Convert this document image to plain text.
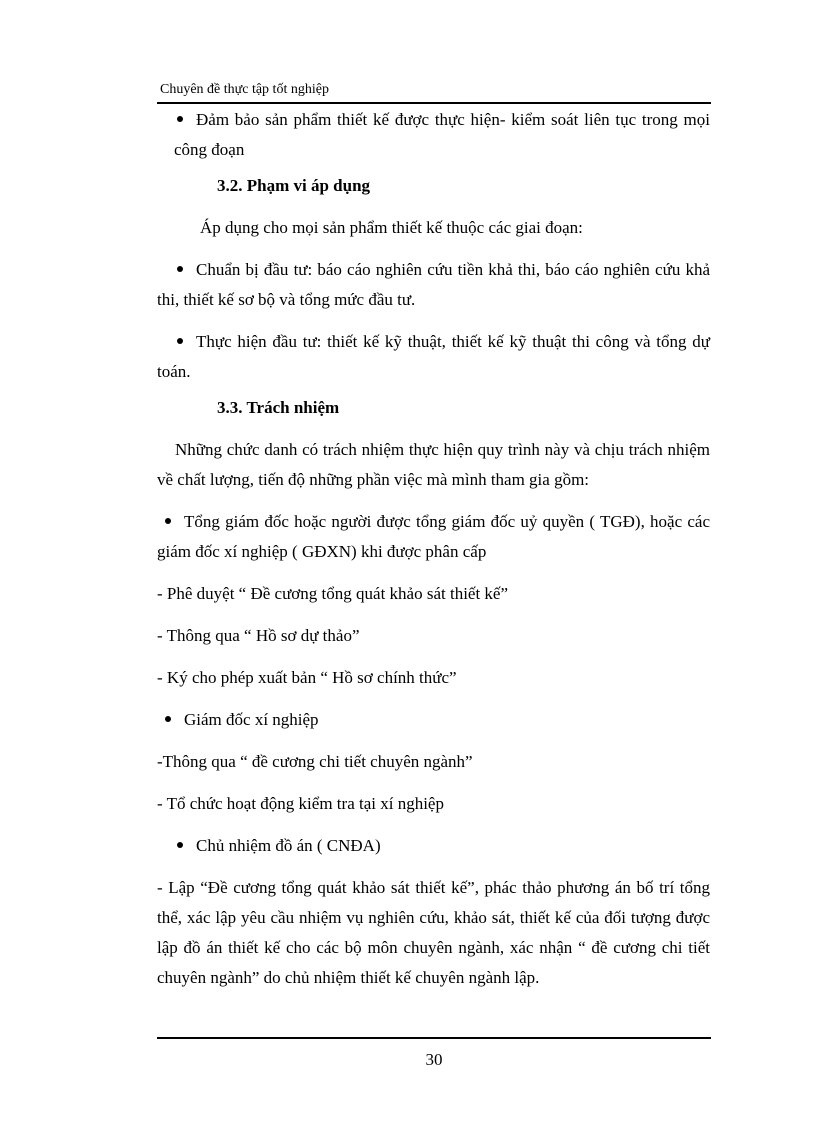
Chuyên đề thực tập tốt nghiệp

Đảm bảo sản phẩm thiết kế được thực hiện- kiểm soát liên tục trong mọi công đoạn

3.2. Phạm vi áp dụng

Áp dụng cho mọi sản phẩm thiết kế thuộc các giai đoạn:

Chuẩn bị đầu tư: báo cáo nghiên cứu tiền khả thi, báo cáo nghiên cứu khả thi, thiết kế sơ bộ và tổng mức đầu tư.

Thực hiện đầu tư: thiết kế kỹ thuật, thiết kế kỹ thuật thi công và tổng dự toán.

3.3. Trách nhiệm

Những chức danh có trách nhiệm thực hiện quy trình này và chịu trách nhiệm về chất lượng, tiến độ những phần việc mà mình tham gia gồm:

Tổng giám đốc hoặc người được tổng giám đốc uỷ quyền ( TGĐ), hoặc các giám đốc xí nghiệp ( GĐXN) khi được phân cấp

- Phê duyệt “ Đề cương tổng quát khảo sát thiết kế”

- Thông qua “ Hồ sơ dự thảo”

- Ký cho phép xuất bản “ Hồ sơ chính thức”

Giám đốc xí nghiệp

-Thông qua “ đề cương chi tiết chuyên ngành”

- Tổ chức hoạt động kiểm tra tại xí nghiệp

Chủ nhiệm đồ án ( CNĐA)

- Lập “Đề cương tổng quát khảo sát thiết kế”, phác thảo phương án bố trí tổng thể, xác lập yêu cầu nhiệm vụ nghiên cứu, khảo sát, thiết kế của đối tượng được lập đồ án thiết kế cho các bộ môn chuyên ngành, xác nhận “ đề cương chi tiết chuyên ngành” do chủ nhiệm thiết kế chuyên ngành lập.

30
